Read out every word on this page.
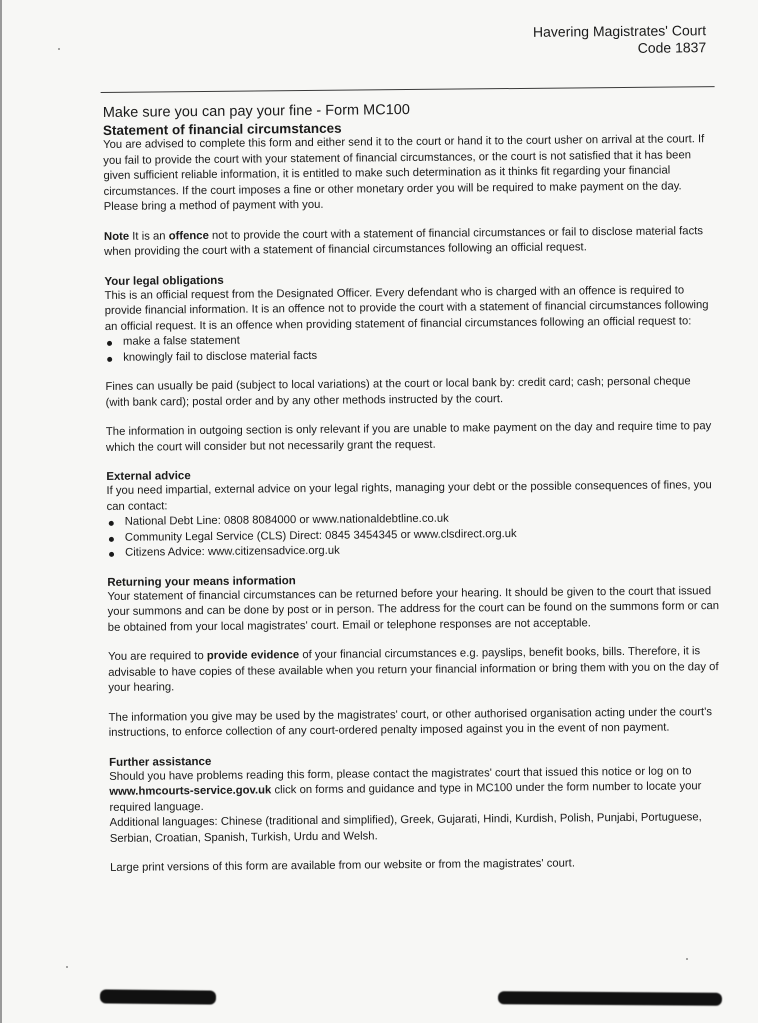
Havering Magistrates' Court
Code 1837
Make sure you can pay your fine - Form MC100
Statement of financial circumstances

You are advised to complete this form and either send it to the court or hand it to the court usher on arrival at the court. If you fail to provide the court with your statement of financial circumstances, or the court is not satisfied that it has been given sufficient reliable information, it is entitled to make such determination as it thinks fit regarding your financial circumstances. If the court imposes a fine or other monetary order you will be required to make payment on the day. Please bring a method of payment with you.

Note It is an offence not to provide the court with a statement of financial circumstances or fail to disclose material facts when providing the court with a statement of financial circumstances following an official request.

Your legal obligations

This is an official request from the Designated Officer. Every defendant who is charged with an offence is required to provide financial information. It is an offence not to provide the court with a statement of financial circumstances following an official request. It is an offence when providing statement of financial circumstances following an official request to:

make a false statement
knowingly fail to disclose material facts

Fines can usually be paid (subject to local variations) at the court or local bank by: credit card; cash; personal cheque (with bank card); postal order and by any other methods instructed by the court.

The information in outgoing section is only relevant if you are unable to make payment on the day and require time to pay which the court will consider but not necessarily grant the request.

External advice

If you need impartial, external advice on your legal rights, managing your debt or the possible consequences of fines, you can contact:

National Debt Line: 0808 8084000 or www.nationaldebtline.co.uk
Community Legal Service (CLS) Direct: 0845 3454345 or www.clsdirect.org.uk
Citizens Advice: www.citizensadvice.org.uk
Returning your means information

Your statement of financial circumstances can be returned before your hearing. It should be given to the court that issued your summons and can be done by post or in person. The address for the court can be found on the summons form or can be obtained from your local magistrates' court. Email or telephone responses are not acceptable.

You are required to provide evidence of your financial circumstances e.g. payslips, benefit books, bills. Therefore, it is advisable to have copies of these available when you return your financial information or bring them with you on the day of your hearing.

The information you give may be used by the magistrates' court, or other authorised organisation acting under the court's instructions, to enforce collection of any court-ordered penalty imposed against you in the event of non payment.

Further assistance

Should you have problems reading this form, please contact the magistrates' court that issued this notice or log on to www.hmcourts-service.gov.uk click on forms and guidance and type in MC100 under the form number to locate your required language.

Additional languages: Chinese (traditional and simplified), Greek, Gujarati, Hindi, Kurdish, Polish, Punjabi, Portuguese, Serbian, Croatian, Spanish, Turkish, Urdu and Welsh.

Large print versions of this form are available from our website or from the magistrates' court.
